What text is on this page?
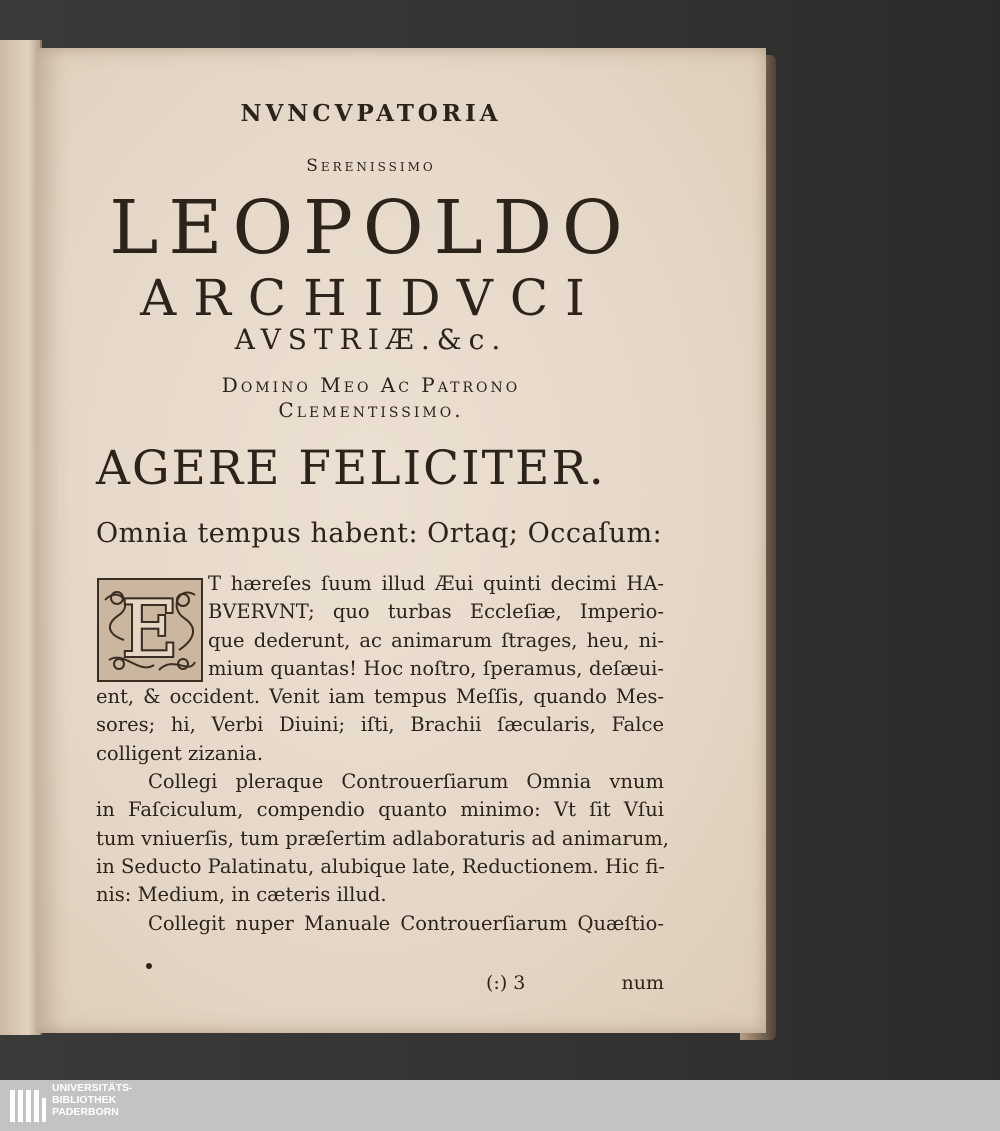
NVNCVPATORIA
Serenissimo
LEOPOLDO
ARCHIDVCI
AVSTRIÆ.&c.
Domino Meo Ac Patrono
Clementissimo.
AGERE FELICITER.
Omnia tempus habent: Ortaq; Occaſum:
E
T hæreſes ſuum illud Æui quinti decimi HA-
BVERVNT; quo turbas Eccleſiæ, Imperio-
que dederunt, ac animarum ſtrages, heu, ni-
mium quantas! Hoc noſtro, ſperamus, deſæui-
ent, & occident. Venit iam tempus Meſſis, quando Mes-
sores; hi, Verbi Diuini; iſti, Brachii ſæcularis, Falce
colligent zizania.
Collegi pleraque Controuerſiarum Omnia vnum
in Faſciculum, compendio quanto minimo: Vt ſit Vſui
tum vniuerſis, tum præſertim adlaboraturis ad animarum,
in Seducto Palatinatu, alubique late, Reductionem. Hic fi-
nis: Medium, in cæteris illud.
Collegit nuper Manuale Controuerſiarum Quæſtio-
(:) 3	num
UNIVERSITÄTS-
BIBLIOTHEK
PADERBORN
